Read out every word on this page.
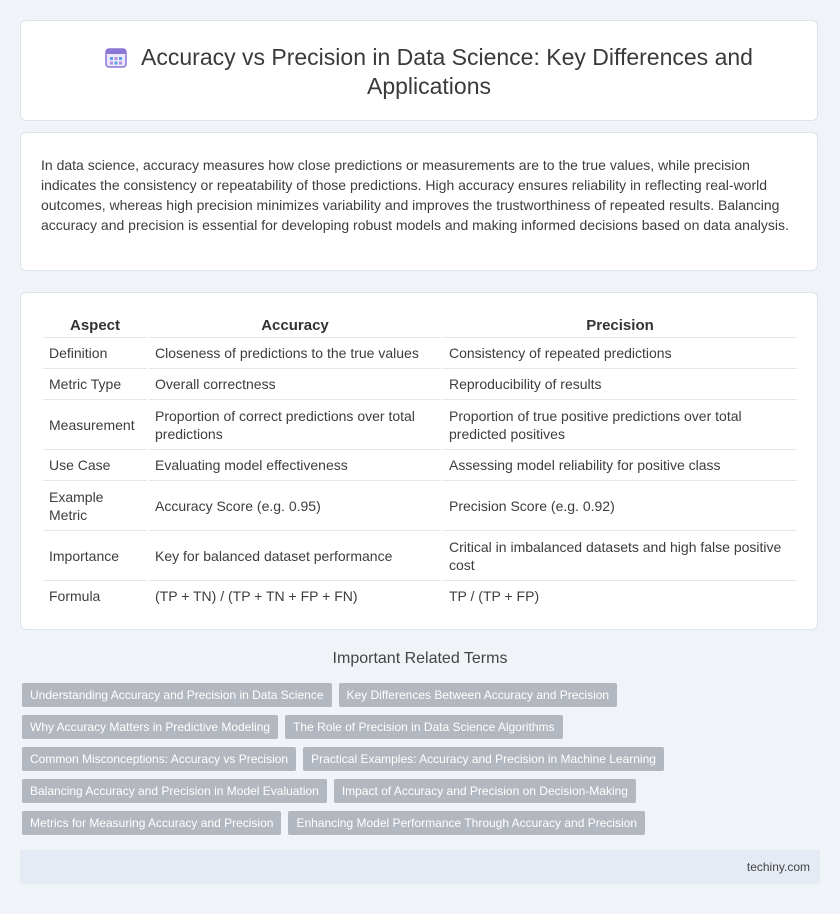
Accuracy vs Precision in Data Science: Key Differences and Applications

In data science, accuracy measures how close predictions or measurements are to the true values, while precision indicates the consistency or repeatability of those predictions. High accuracy ensures reliability in reflecting real-world outcomes, whereas high precision minimizes variability and improves the trustworthiness of repeated results. Balancing accuracy and precision is essential for developing robust models and making informed decisions based on data analysis.

Aspect	Accuracy	Precision
Definition	Closeness of predictions to the true values	Consistency of repeated predictions
Metric Type	Overall correctness	Reproducibility of results
Measurement	Proportion of correct predictions over total predictions	Proportion of true positive predictions over total predicted positives
Use Case	Evaluating model effectiveness	Assessing model reliability for positive class
Example Metric	Accuracy Score (e.g. 0.95)	Precision Score (e.g. 0.92)
Importance	Key for balanced dataset performance	Critical in imbalanced datasets and high false positive cost
Formula	(TP + TN) / (TP + TN + FP + FN)	TP / (TP + FP)
Important Related Terms
Understanding Accuracy and Precision in Data Science	Key Differences Between Accuracy and Precision
Why Accuracy Matters in Predictive Modeling	The Role of Precision in Data Science Algorithms
Common Misconceptions: Accuracy vs Precision	Practical Examples: Accuracy and Precision in Machine Learning
Balancing Accuracy and Precision in Model Evaluation	Impact of Accuracy and Precision on Decision-Making
Metrics for Measuring Accuracy and Precision	Enhancing Model Performance Through Accuracy and Precision
techiny.com
